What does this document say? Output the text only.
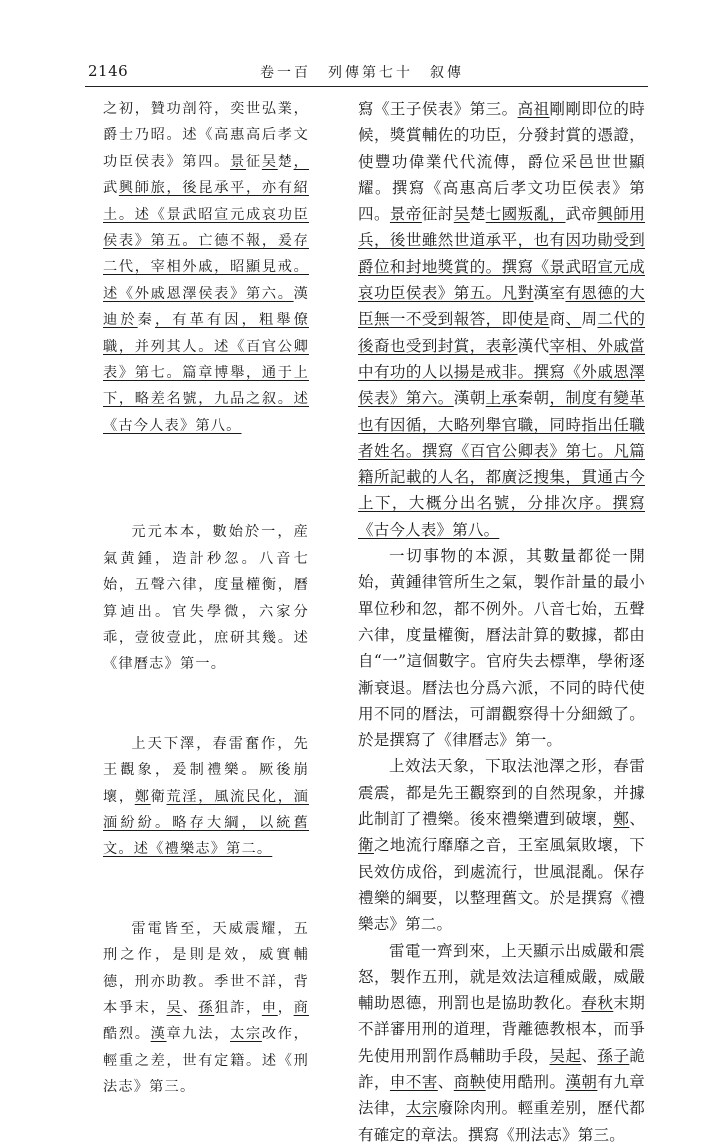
2146	卷一百　列傳第七十　叙傳

之初，贊功剖符，奕世弘業，爵士乃昭。述《高惠高后孝文功臣侯表》第四。景征吴楚，武興師旅，後昆承平，亦有紹土。述《景武昭宣元成哀功臣侯表》第五。亡德不報，爰存二代，宰相外戚，昭顯見戒。述《外戚恩澤侯表》第六。漢迪於秦，有革有因，粗舉僚職，并列其人。述《百官公卿表》第七。篇章博舉，通于上下，略差名號，九品之叙。述《古今人表》第八。

元元本本，數始於一，産氣黄鍾，造計秒忽。八音七始，五聲六律，度量權衡，曆算逌出。官失學微，六家分乖，壹彼壹此，庶研其幾。述《律曆志》第一。

上天下澤，春雷奮作，先王觀象，爰制禮樂。厥後崩壞，鄭衛荒淫，風流民化，湎湎紛紛。略存大綱，以統舊文。述《禮樂志》第二。

雷電皆至，天威震耀，五刑之作，是則是效，威實輔德，刑亦助教。季世不詳，背本爭末，吴、孫狙詐，申，商酷烈。漢章九法，太宗改作，輕重之差，世有定籍。述《刑法志》第三。

寫《王子侯表》第三。高祖剛剛即位的時候，獎賞輔佐的功臣，分發封賞的憑證，使豐功偉業代代流傳，爵位采邑世世顯耀。撰寫《高惠高后孝文功臣侯表》第四。景帝征討吴楚七國叛亂，武帝興師用兵，後世雖然世道承平，也有因功勛受到爵位和封地獎賞的。撰寫《景武昭宣元成哀功臣侯表》第五。凡對漢室有恩德的大臣無一不受到報答，即使是商、周二代的後裔也受到封賞，表彰漢代宰相、外戚當中有功的人以揚是戒非。撰寫《外戚恩澤侯表》第六。漢朝上承秦朝，制度有變革也有因循，大略列舉官職，同時指出任職者姓名。撰寫《百官公卿表》第七。凡篇籍所記載的人名，都廣泛搜集，貫通古今上下，大概分出名號，分排次序。撰寫《古今人表》第八。

一切事物的本源，其數量都從一開始，黄鍾律管所生之氣，製作計量的最小單位秒和忽，都不例外。八音七始，五聲六律，度量權衡，曆法計算的數據，都由自“一”這個數字。官府失去標準，學術逐漸衰退。曆法也分爲六派，不同的時代使用不同的曆法，可謂觀察得十分細緻了。於是撰寫了《律曆志》第一。

上效法天象，下取法池澤之形，春雷震震，都是先王觀察到的自然現象，并據此制訂了禮樂。後來禮樂遭到破壞，鄭、衛之地流行靡靡之音，王室風氣敗壞，下民效仿成俗，到處流行，世風混亂。保存禮樂的綱要，以整理舊文。於是撰寫《禮樂志》第二。

雷電一齊到來，上天顯示出威嚴和震怒，製作五刑，就是效法這種威嚴，威嚴輔助恩德，刑罰也是協助教化。春秋末期不詳審用刑的道理，背離德教根本，而爭先使用刑罰作爲輔助手段，吴起、孫子詭詐，申不害、商鞅使用酷刑。漢朝有九章法律，太宗廢除肉刑。輕重差别，歷代都有確定的章法。撰寫《刑法志》第三。
